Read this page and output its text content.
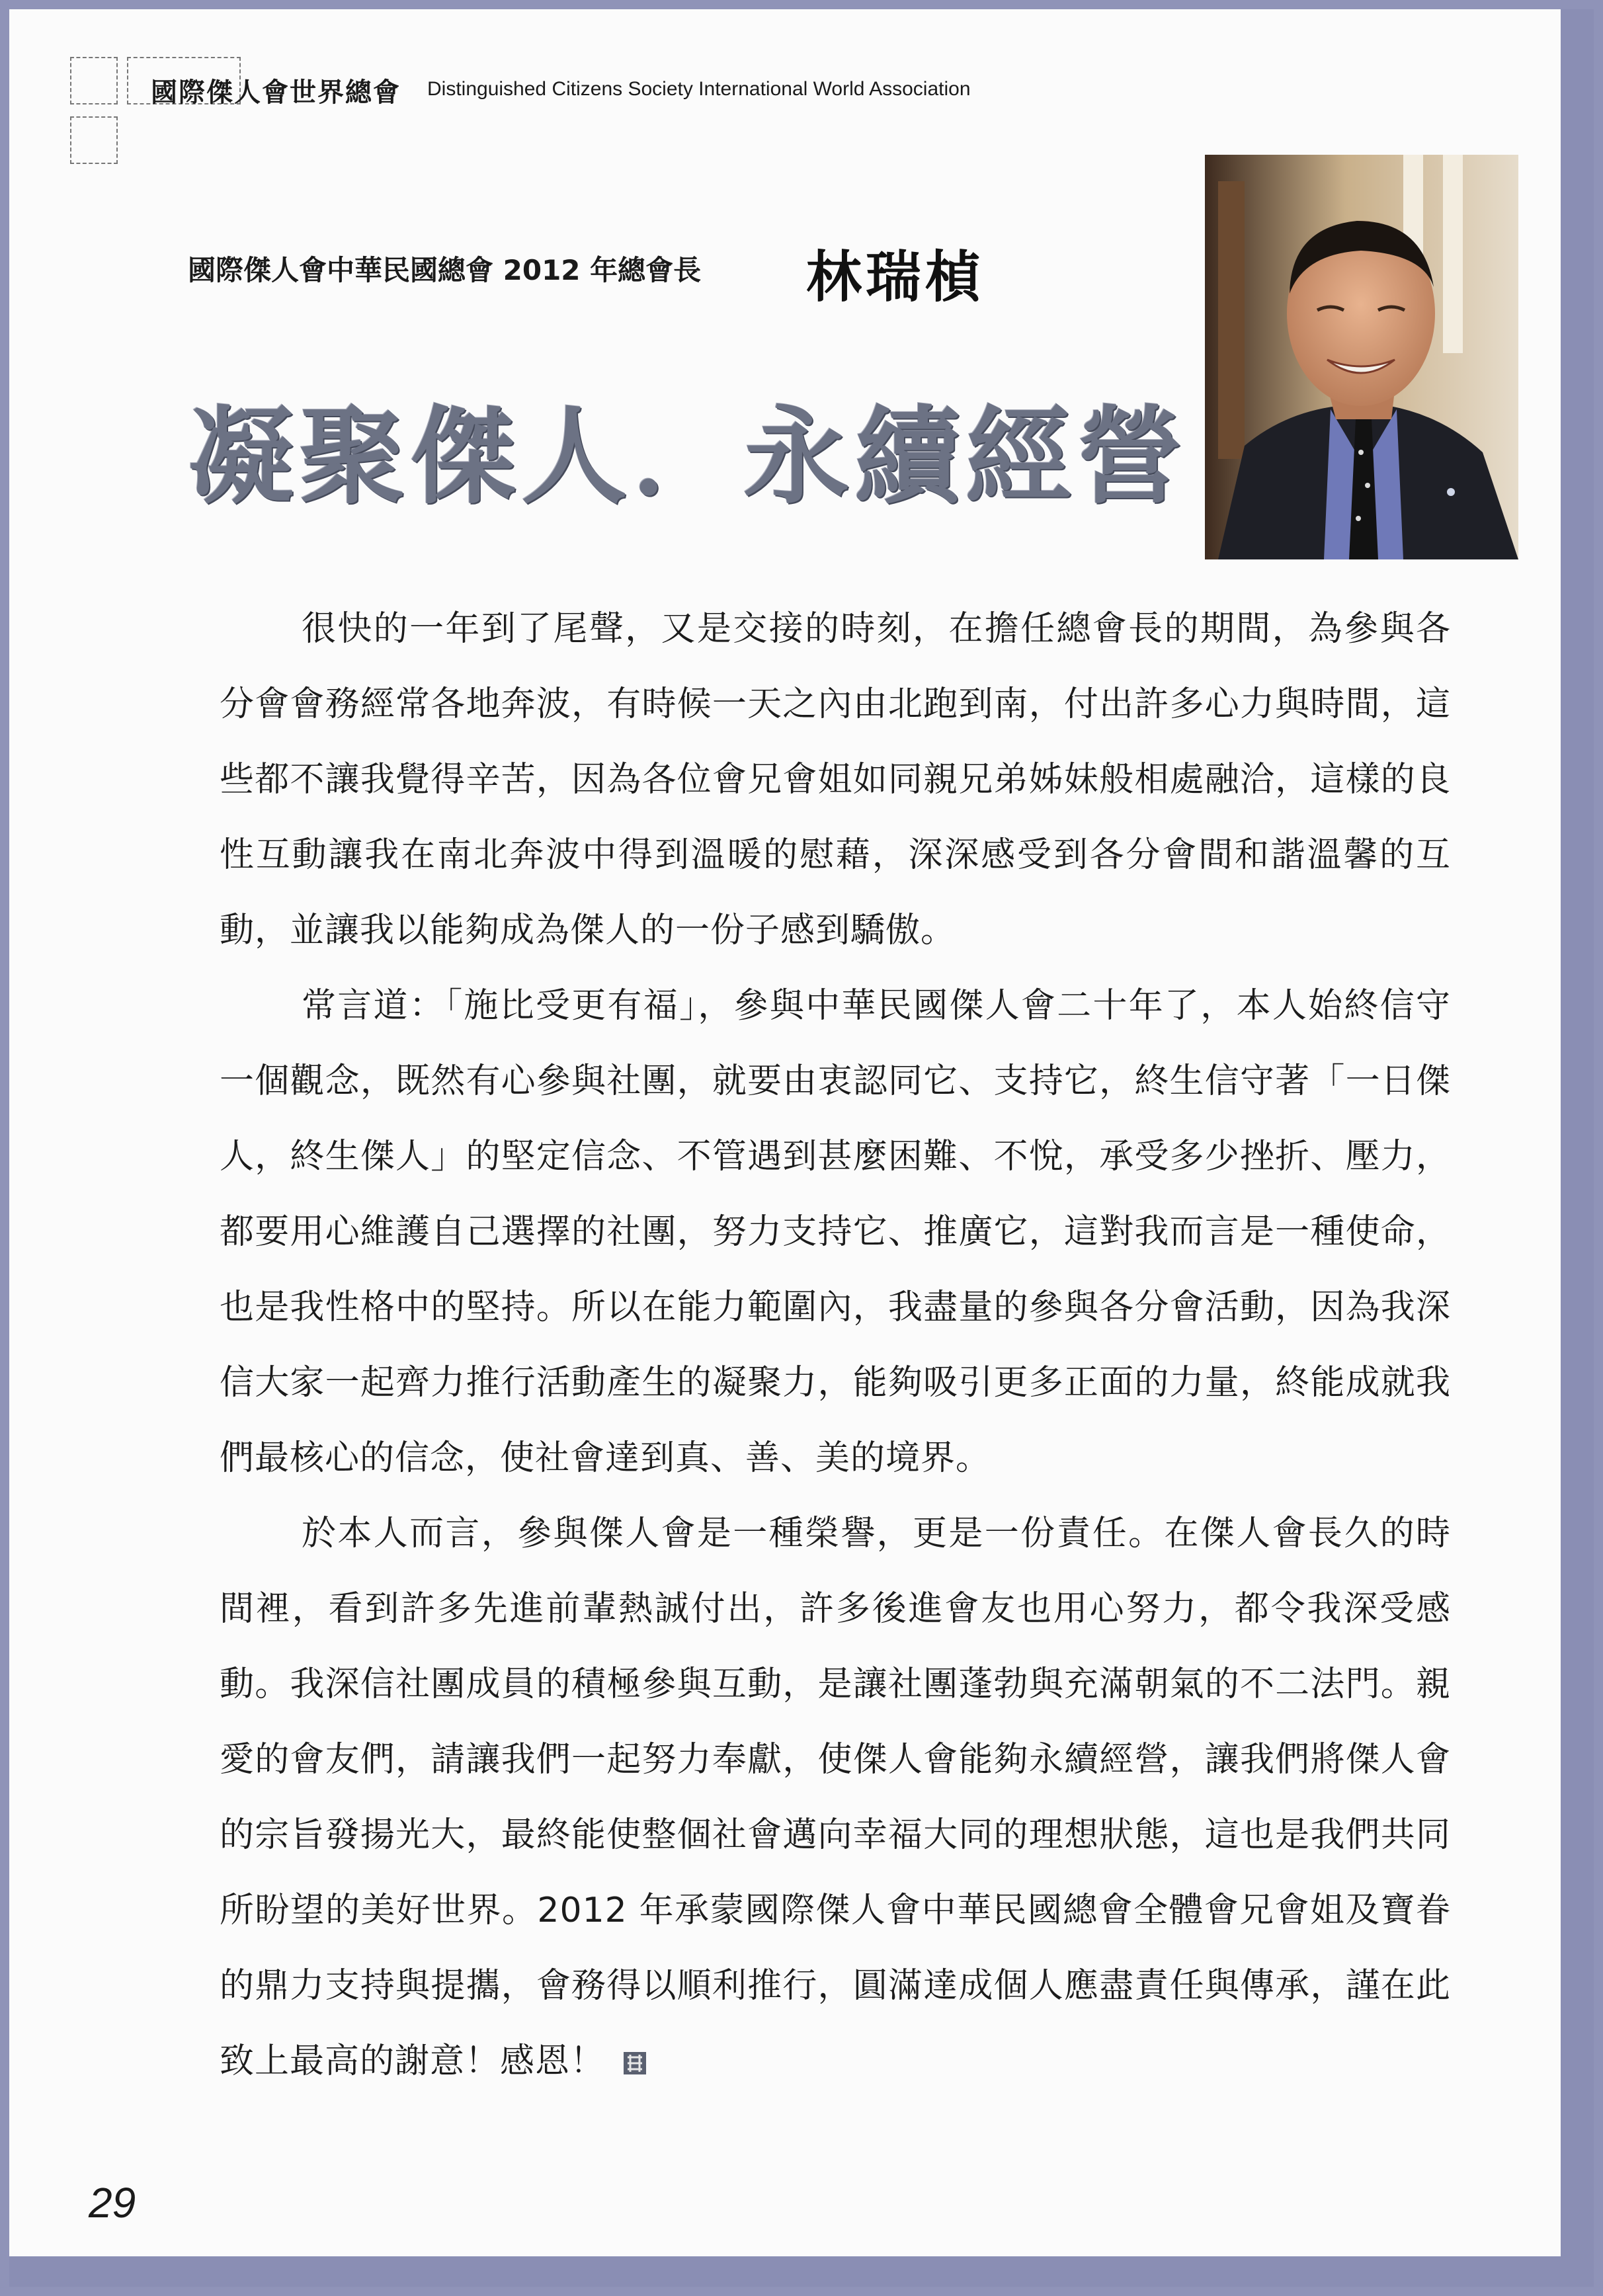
國際傑人會世界總會 Distinguished Citizens Society International World Association
國際傑人會中華民國總會 2012 年總會長 林瑞楨
凝聚傑人．永續經營

很快的一年到了尾聲，又是交接的時刻，在擔任總會長的期間，為參與各分會會務經常各地奔波，有時候一天之內由北跑到南，付出許多心力與時間，這些都不讓我覺得辛苦，因為各位會兄會姐如同親兄弟姊妹般相處融洽，這樣的良性互動讓我在南北奔波中得到溫暖的慰藉，深深感受到各分會間和諧溫馨的互動，並讓我以能夠成為傑人的一份子感到驕傲。

常言道：「施比受更有福」，參與中華民國傑人會二十年了，本人始終信守一個觀念，既然有心參與社團，就要由衷認同它、支持它，終生信守著「一日傑人，終生傑人」的堅定信念、不管遇到甚麼困難、不悅，承受多少挫折、壓力，都要用心維護自己選擇的社團，努力支持它、推廣它，這對我而言是一種使命，也是我性格中的堅持。所以在能力範圍內，我盡量的參與各分會活動，因為我深信大家一起齊力推行活動產生的凝聚力，能夠吸引更多正面的力量，終能成就我們最核心的信念，使社會達到真、善、美的境界。

於本人而言，參與傑人會是一種榮譽，更是一份責任。在傑人會長久的時間裡，看到許多先進前輩熱誠付出，許多後進會友也用心努力，都令我深受感動。我深信社團成員的積極參與互動，是讓社團蓬勃與充滿朝氣的不二法門。親愛的會友們，請讓我們一起努力奉獻，使傑人會能夠永續經營，讓我們將傑人會的宗旨發揚光大，最終能使整個社會邁向幸福大同的理想狀態，這也是我們共同所盼望的美好世界。2012 年承蒙國際傑人會中華民國總會全體會兄會姐及寶眷的鼎力支持與提攜，會務得以順利推行，圓滿達成個人應盡責任與傳承，謹在此致上最高的謝意！感恩！

29
